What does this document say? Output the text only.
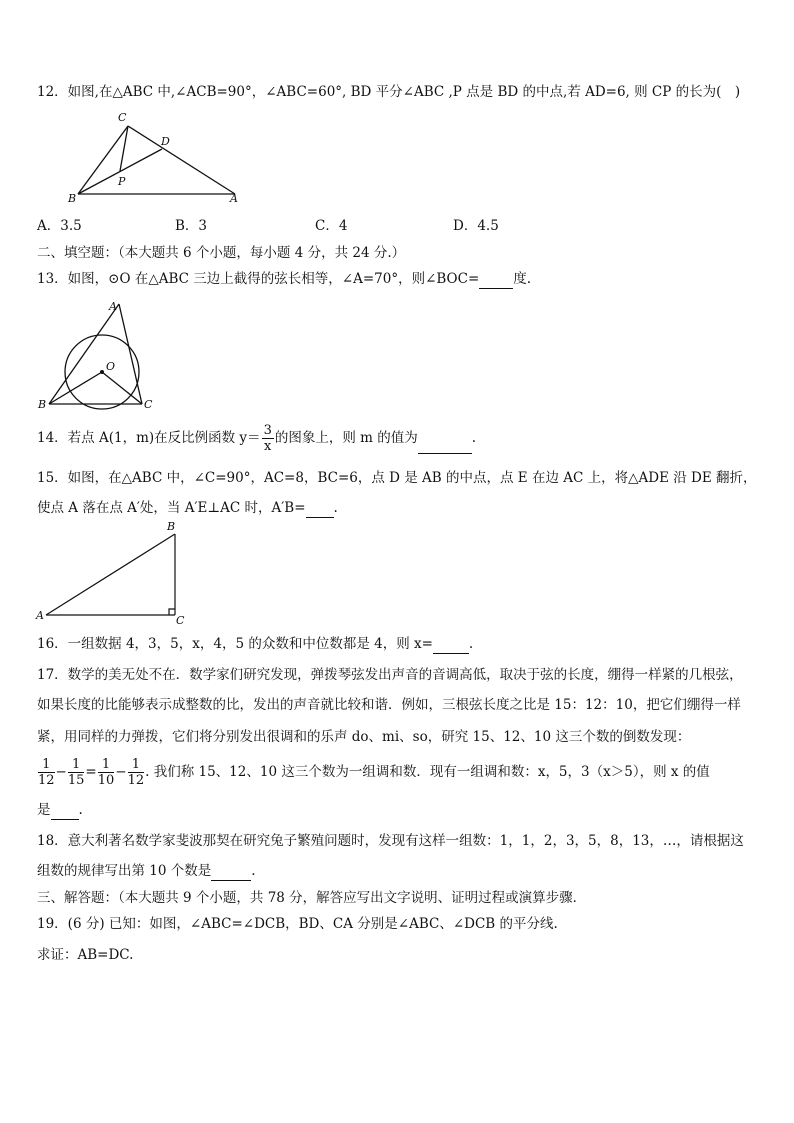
12．如图,在△ABC 中,∠ACB=90°，∠ABC=60°, BD 平分∠ABC ,P 点是 BD 的中点,若 AD=6, 则 CP 的长为(　)
C
D
P
B	A
A．3.5	B．3	C．4	D．4.5
二、填空题：（本大题共 6 个小题，每小题 4 分，共 24 分.）
13．如图，⊙O 在△ABC 三边上截得的弦长相等，∠A=70°，则∠BOC=	度.
A
O
B	C
14．若点 A(1，m)在反比例函数 $y= \frac{3}{x}$ 的图象上，则 m 的值为	.
15．如图，在△ABC 中，∠C=90°，AC=8，BC=6，点 D 是 AB 的中点，点 E 在边 AC 上，将△ADE 沿 DE 翻折，
使点 A 落在点 A′处，当 A′E⊥AC 时，A′B= .
B
A	C
16．一组数据 4，3，5，x，4，5 的众数和中位数都是 4，则 x=	.
17．数学的美无处不在．数学家们研究发现，弹拨琴弦发出声音的音调高低，取决于弦的长度，绷得一样紧的几根弦，
如果长度的比能够表示成整数的比，发出的声音就比较和谐．例如，三根弦长度之比是 15：12：10，把它们绷得一样
紧，用同样的力弹拨，它们将分别发出很调和的乐声 do、mi、so，研究 15、12、10 这三个数的倒数发现：
$\frac{1}{12} - \frac{1}{15} = \frac{1}{10} - \frac{1}{12}$ . 我们称 15、12、10 这三个数为一组调和数．现有一组调和数：x，5，3（x＞5），则 x 的值
是 .
18．意大利著名数学家斐波那契在研究兔子繁殖问题时，发现有这样一组数：1，1，2，3，5，8，13，…，请根据这
组数的规律写出第 10 个数是	.
三、解答题：（本大题共 9 个小题，共 78 分，解答应写出文字说明、证明过程或演算步骤．
19．(6 分) 已知：如图，∠ABC=∠DCB，BD、CA 分别是∠ABC、∠DCB 的平分线.
求证：AB=DC.
